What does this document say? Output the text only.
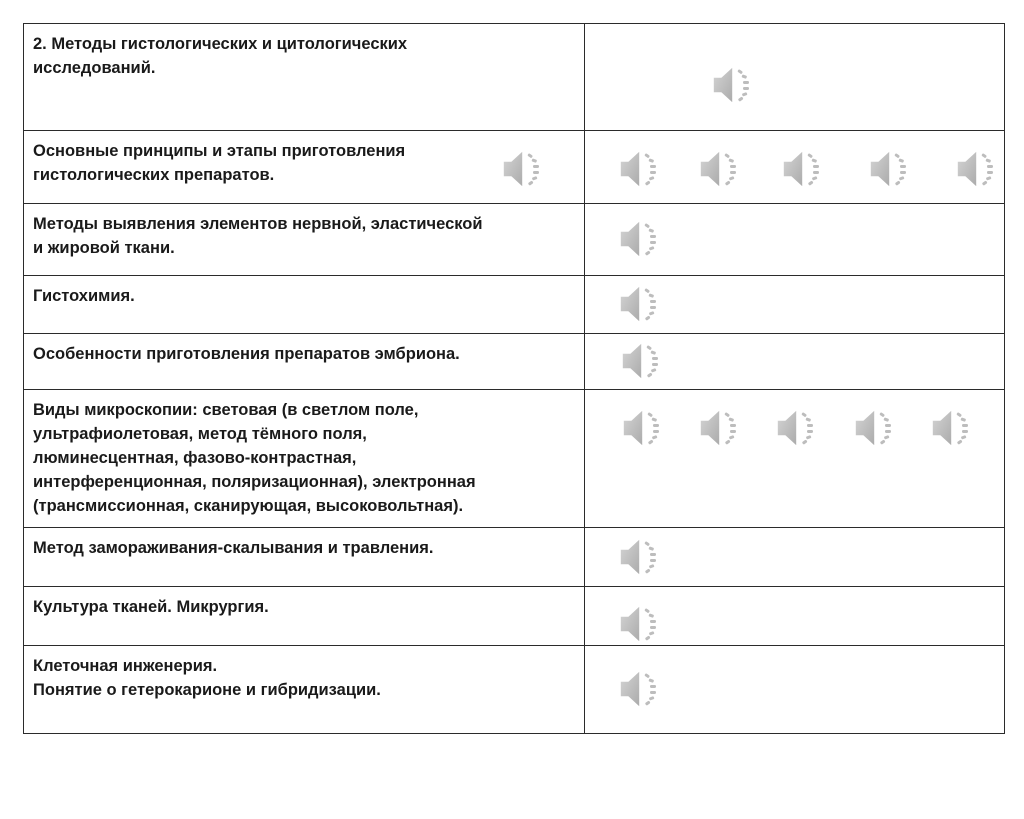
2. Методы гистологических и цитологических
исследований.

Основные принципы и этапы приготовления
гистологических препаратов.

Методы выявления элементов нервной, эластической
и жировой ткани.

Гистохимия.

Особенности приготовления препаратов эмбриона.

Виды микроскопии: световая (в светлом поле,
ультрафиолетовая, метод тёмного поля,
люминесцентная, фазово-контрастная,
интерференционная, поляризационная), электронная
(трансмиссионная, сканирующая, высоковольтная).

Метод замораживания-скалывания и травления.

Культура тканей. Микрургия.

Клеточная инженерия.
Понятие о гетерокарионе и гибридизации.
